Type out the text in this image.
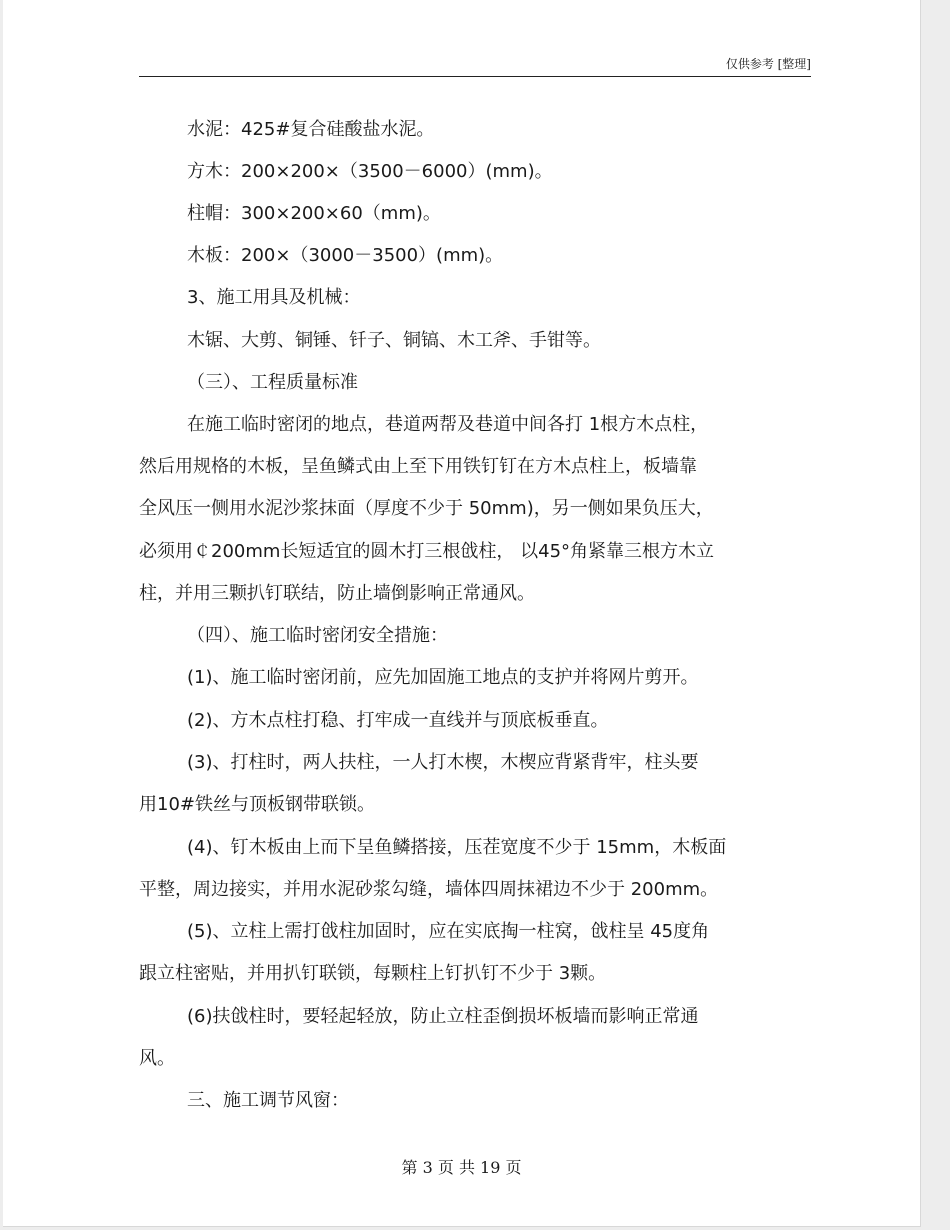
仅供参考 [整理]
水泥：425#复合硅酸盐水泥。
方木：200×200×（3500－6000）(mm)。
柱帽：300×200×60（mm)。
木板：200×（3000－3500）(mm)。
3、施工用具及机械：
木锯、大剪、铜锤、钎子、铜镐、木工斧、手钳等。
（三）、工程质量标准
在施工临时密闭的地点，巷道两帮及巷道中间各打 1根方木点柱，
然后用规格的木板，呈鱼鳞式由上至下用铁钉钉在方木点柱上，板墙靠
全风压一侧用水泥沙浆抹面（厚度不少于 50mm)，另一侧如果负压大，
必须用￠200mm长短适宜的圆木打三根戗柱， 以45°角紧靠三根方木立
柱，并用三颗扒钉联结，防止墙倒影响正常通风。
（四）、施工临时密闭安全措施：
(1)、施工临时密闭前，应先加固施工地点的支护并将网片剪开。
(2)、方木点柱打稳、打牢成一直线并与顶底板垂直。
(3)、打柱时，两人扶柱，一人打木楔，木楔应背紧背牢，柱头要
用10#铁丝与顶板钢带联锁。
(4)、钉木板由上而下呈鱼鳞搭接，压茬宽度不少于 15mm，木板面
平整，周边接实，并用水泥砂浆勾缝，墙体四周抹裙边不少于 200mm。
(5)、立柱上需打戗柱加固时，应在实底掏一柱窝，戗柱呈 45度角
跟立柱密贴，并用扒钉联锁，每颗柱上钉扒钉不少于 3颗。
(6)扶戗柱时，要轻起轻放，防止立柱歪倒损坏板墙而影响正常通
风。
三、施工调节风窗：
第 3 页 共 19 页
